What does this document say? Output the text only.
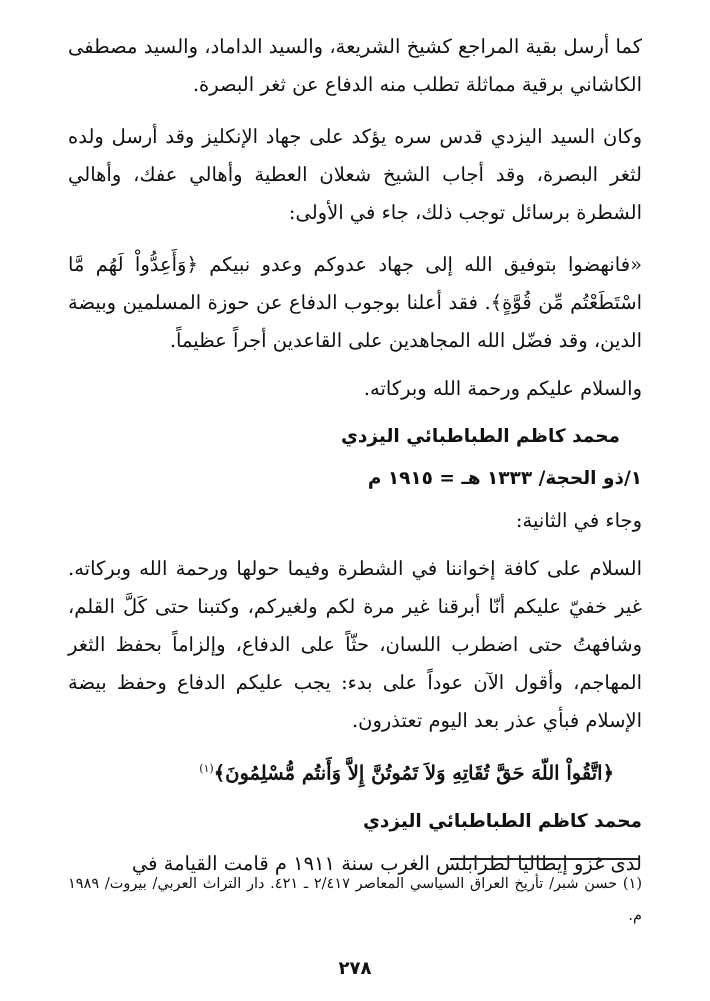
كما أرسل بقية المراجع كشيخ الشريعة، والسيد الداماد، والسيد مصطفى الكاشاني برقية مماثلة تطلب منه الدفاع عن ثغر البصرة.

وكان السيد اليزدي قدس سره يؤكد على جهاد الإنكليز وقد أرسل ولده لثغر البصرة، وقد أجاب الشيخ شعلان العطية وأهالي عفك، وأهالي الشطرة برسائل توجب ذلك، جاء في الأولى:

«فانهضوا بتوفيق الله إلى جهاد عدوكم وعدو نبيكم ﴿وَأَعِدُّواْ لَهُم مَّا اسْتَطَعْتُم مِّن قُوَّةٍ﴾. فقد أعلنا بوجوب الدفاع عن حوزة المسلمين وبيضة الدين، وقد فضّل الله المجاهدين على القاعدين أجراً عظيماً.

والسلام عليكم ورحمة الله وبركاته.

محمد كاظم الطباطبائي اليزدي
١/ذو الحجة/ ١٣٣٣ هـ = ١٩١٥ م

وجاء في الثانية:

السلام على كافة إخواننا في الشطرة وفيما حولها ورحمة الله وبركاته. غير خفيّ عليكم أنّا أبرقنا غير مرة لكم ولغيركم، وكتبنا حتى كَلَّ القلم، وشافهتُ حتى اضطرب اللسان، حثّاً على الدفاع، وإلزاماً بحفظ الثغر المهاجم، وأقول الآن عوداً على بدء: يجب عليكم الدفاع وحفظ بيضة الإسلام فبأي عذر بعد اليوم تعتذرون.

﴿اتَّقُواْ اللّهَ حَقَّ تُقَاتِهِ وَلاَ تَمُوتُنَّ إِلاَّ وَأَنتُم مُّسْلِمُونَ﴾$^{(١)}$
محمد كاظم الطباطبائي اليزدي

لدى غزو إيطاليا لطرابلس الغرب سنة ١٩١١ م قامت القيامة في

(١) حسن شبر/ تأريخ العراق السياسي المعاصر ٢/٤١٧ ـ ٤٢١. دار التراث العربي/ بيروت/ ١٩٨٩ م.
٢٧٨
